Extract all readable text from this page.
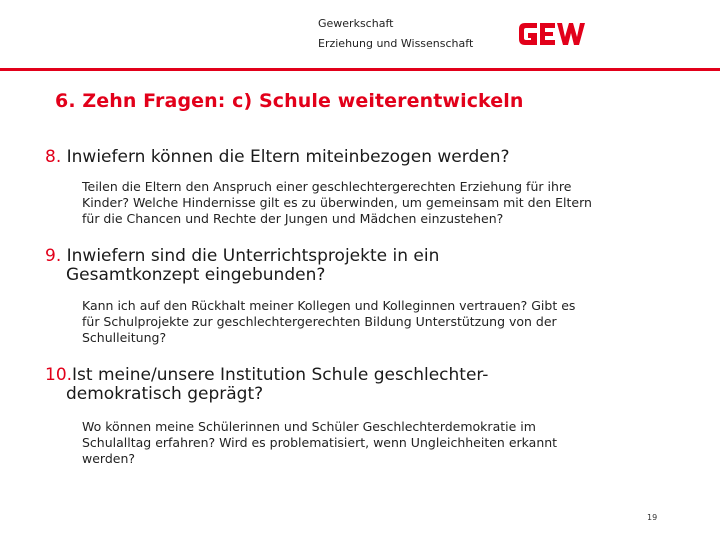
Gewerkschaft
Erziehung und Wissenschaft
GEW
6. Zehn Fragen: c) Schule weiterentwickeln
8. Inwiefern können die Eltern miteinbezogen werden?
Teilen die Eltern den Anspruch einer geschlechtergerechten Erziehung für ihre
Kinder? Welche Hindernisse gilt es zu überwinden, um gemeinsam mit den Eltern
für die Chancen und Rechte der Jungen und Mädchen einzustehen?
9. Inwiefern sind die Unterrichtsprojekte in ein
Gesamtkonzept eingebunden?
Kann ich auf den Rückhalt meiner Kollegen und Kolleginnen vertrauen? Gibt es
für Schulprojekte zur geschlechtergerechten Bildung Unterstützung von der
Schulleitung?
10.Ist meine/unsere Institution Schule geschlechter-
demokratisch geprägt?
Wo können meine Schülerinnen und Schüler Geschlechterdemokratie im
Schulalltag erfahren? Wird es problematisiert, wenn Ungleichheiten erkannt
werden?
19
